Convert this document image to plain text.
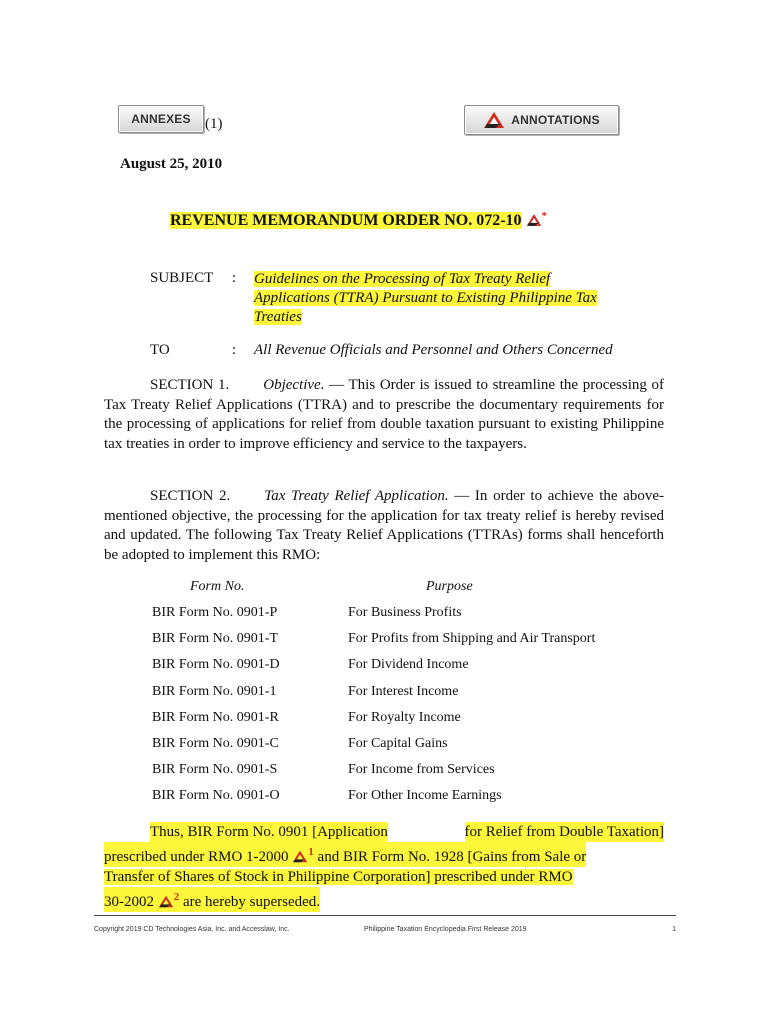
ANNEXES (1)	ANNOTATIONS
August 25, 2010
REVENUE MEMORANDUM ORDER NO. 072-10 *
SUBJECT : Guidelines on the Processing of Tax Treaty Relief
Applications (TTRA) Pursuant to Existing Philippine Tax
Treaties
TO	: All Revenue Officials and Personnel and Others Concerned

SECTION 1. Objective. — This Order is issued to streamline the processing of Tax Treaty Relief Applications (TTRA) and to prescribe the documentary requirements for the processing of applications for relief from double taxation pursuant to existing Philippine tax treaties in order to improve efficiency and service to the taxpayers.

SECTION 2. Tax Treaty Relief Application. — In order to achieve the above-mentioned objective, the processing for the application for tax treaty relief is hereby revised and updated. The following Tax Treaty Relief Applications (TTRAs) forms shall henceforth be adopted to implement this RMO:

Form No.	Purpose
BIR Form No. 0901-P	For Business Profits
BIR Form No. 0901-T	For Profits from Shipping and Air Transport
BIR Form No. 0901-D	For Dividend Income
BIR Form No. 0901-1	For Interest Income
BIR Form No. 0901-R	For Royalty Income
BIR Form No. 0901-C	For Capital Gains
BIR Form No. 0901-S	For Income from Services
BIR Form No. 0901-O	For Other Income Earnings
Thus, BIR Form No. 0901 [Application	for Relief from Double Taxation]
prescribed under RMO 1-2000 $^1$ and BIR Form No. 1928 [Gains from Sale or
Transfer of Shares of Stock in Philippine Corporation] prescribed under RMO
30-2002 $^2$ are hereby superseded.
Copyright 2019 CD Technologies Asia, Inc. and Accesslaw, Inc.	Philippine Taxation Encyclopedia First Release 2019	1
